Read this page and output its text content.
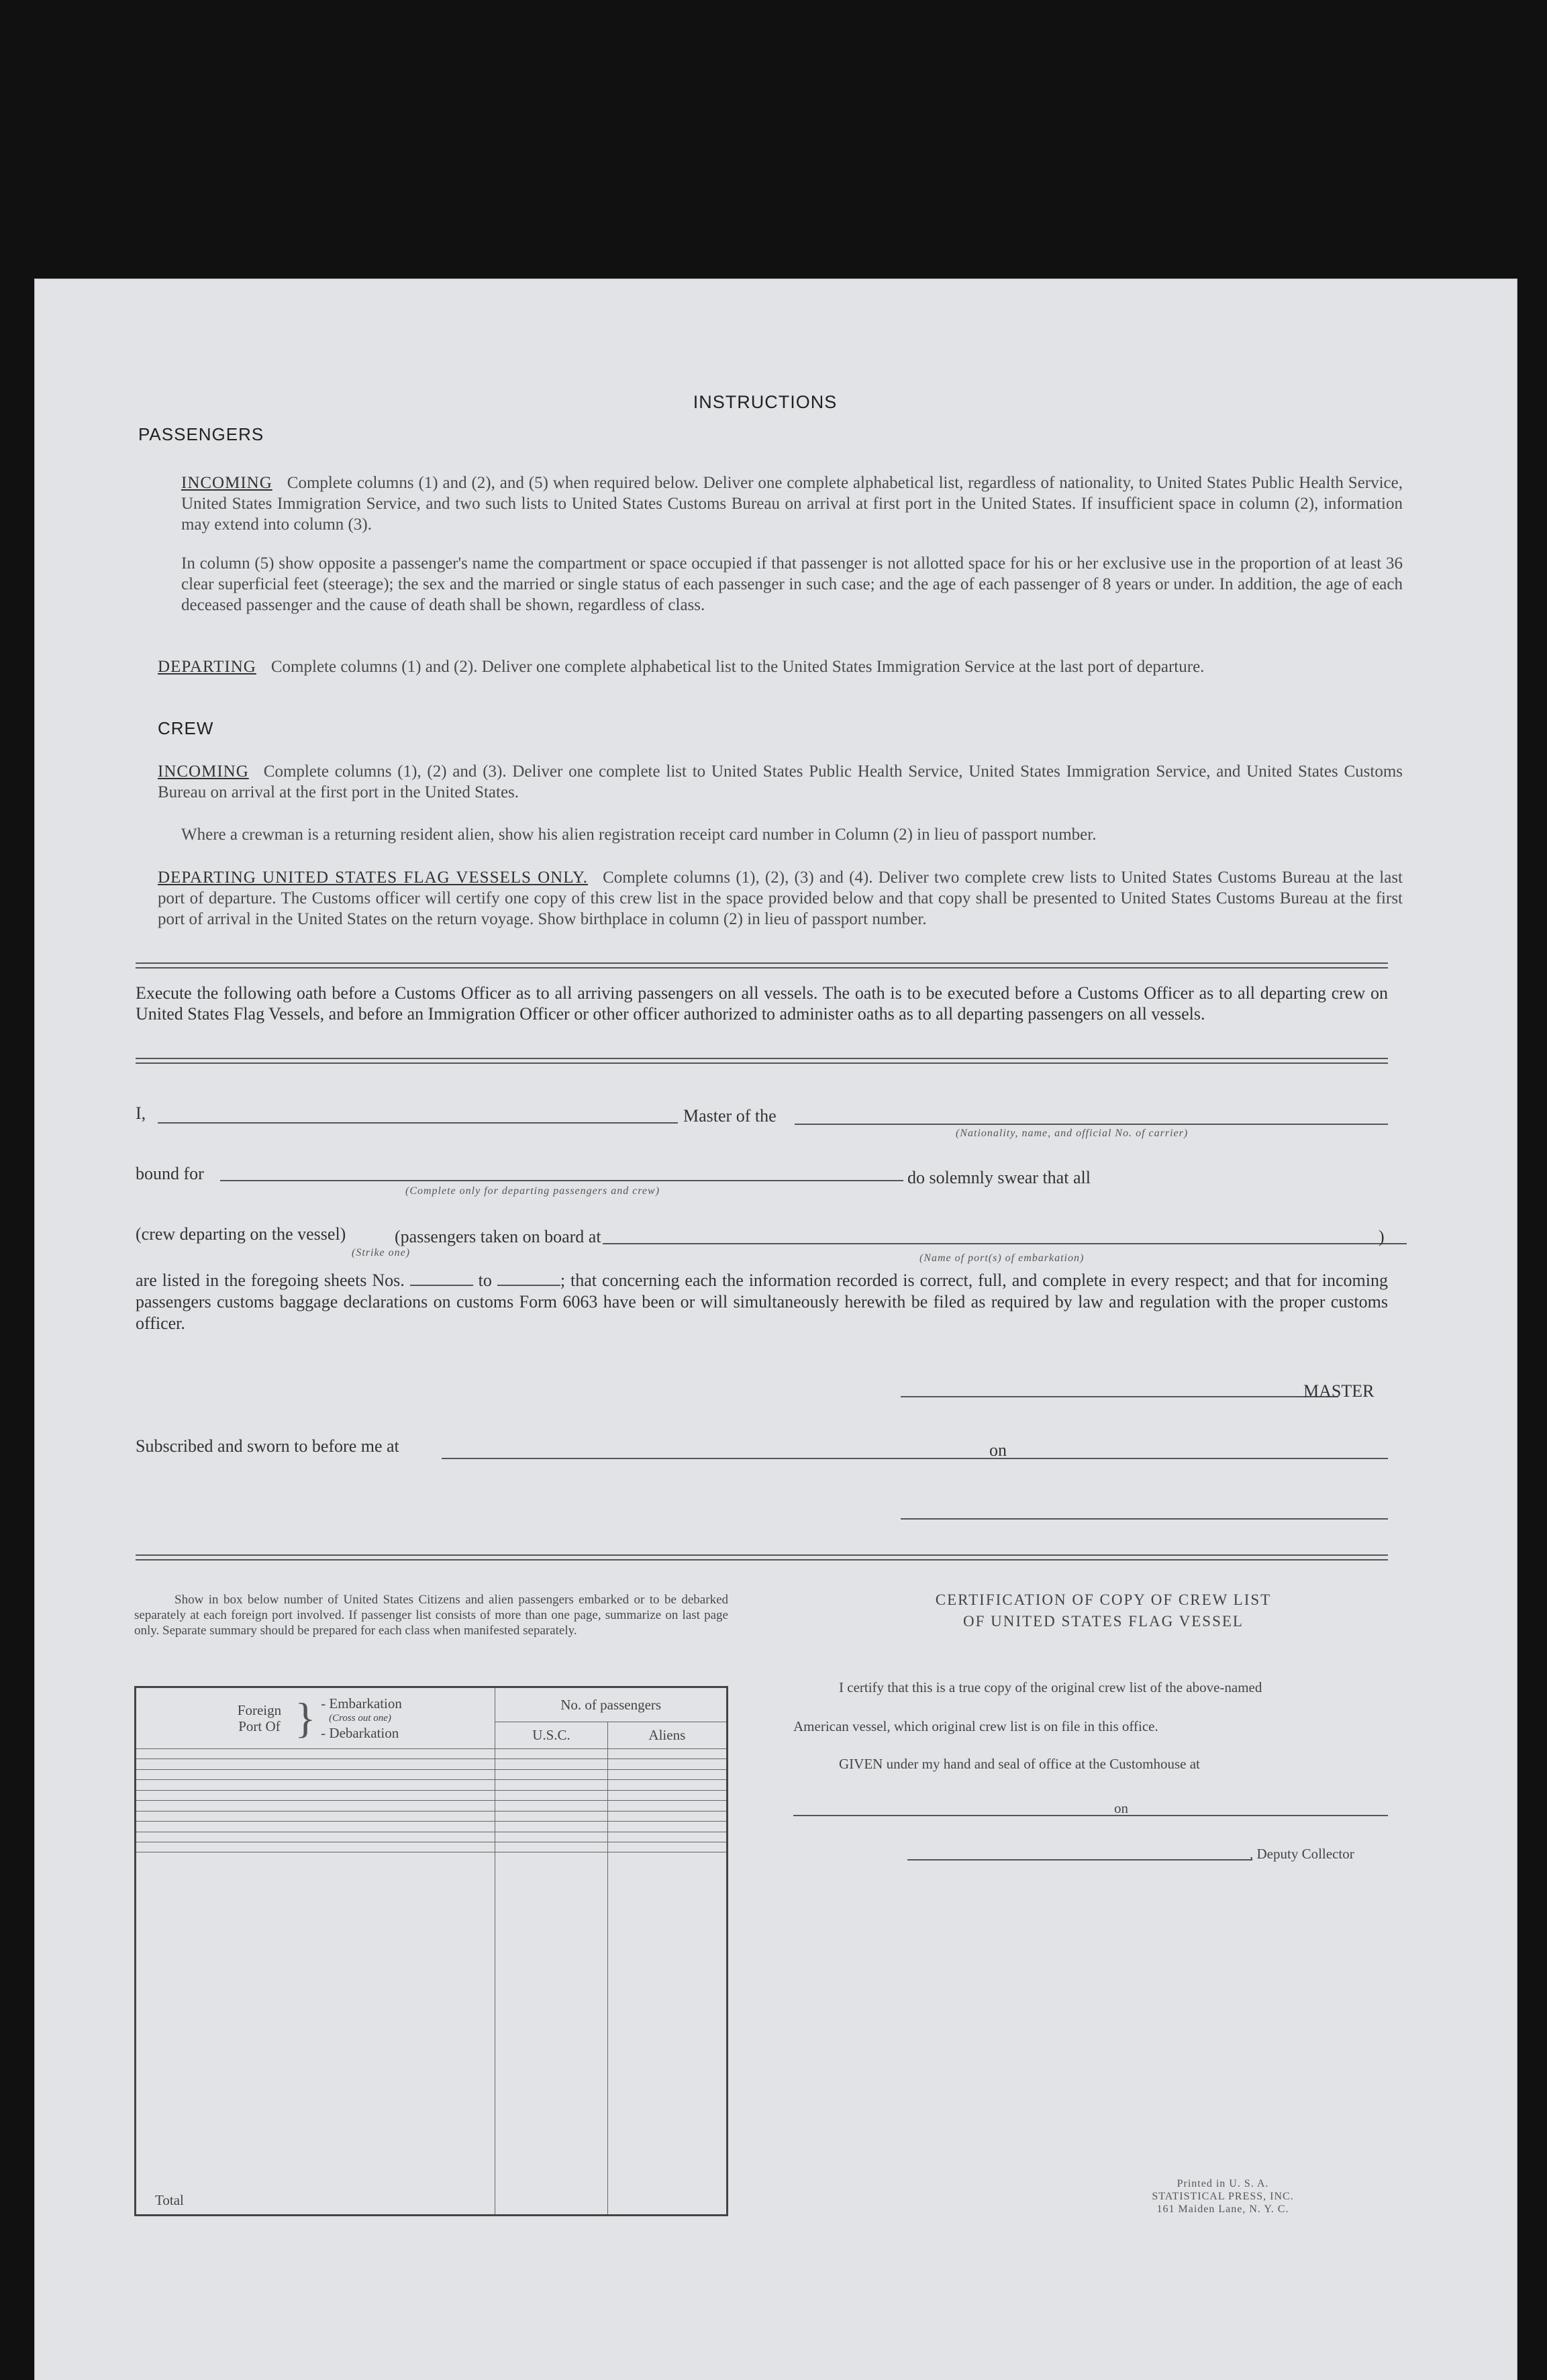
INSTRUCTIONS
PASSENGERS
INCOMING Complete columns (1) and (2), and (5) when required below. Deliver one complete alphabetical list, regardless of nationality, to United States Public Health Service, United States Immigration Service, and two such lists to United States Customs Bureau on arrival at first port in the United States. If insufficient space in column (2), information may extend into column (3).
In column (5) show opposite a passenger's name the compartment or space occupied if that passenger is not allotted space for his or her exclusive use in the proportion of at least 36 clear superficial feet (steerage); the sex and the married or single status of each passenger in such case; and the age of each passenger of 8 years or under. In addition, the age of each deceased passenger and the cause of death shall be shown, regardless of class.
DEPARTING Complete columns (1) and (2). Deliver one complete alphabetical list to the United States Immigration Service at the last port of departure.
CREW
INCOMING Complete columns (1), (2) and (3). Deliver one complete list to United States Public Health Service, United States Immigration Service, and United States Customs Bureau on arrival at the first port in the United States.
Where a crewman is a returning resident alien, show his alien registration receipt card number in Column (2) in lieu of passport number.
DEPARTING UNITED STATES FLAG VESSELS ONLY. Complete columns (1), (2), (3) and (4). Deliver two complete crew lists to United States Customs Bureau at the last port of departure. The Customs officer will certify one copy of this crew list in the space provided below and that copy shall be presented to United States Customs Bureau at the first port of arrival in the United States on the return voyage. Show birthplace in column (2) in lieu of passport number.
Execute the following oath before a Customs Officer as to all arriving passengers on all vessels. The oath is to be executed before a Customs Officer as to all departing crew on United States Flag Vessels, and before an Immigration Officer or other officer authorized to administer oaths as to all departing passengers on all vessels.
I,	Master of the
(Nationality, name, and official No. of carrier)
bound for
(Complete only for departing passengers and crew)
do solemnly swear that all
(crew departing on the vessel)	(passengers taken on board at	)
(Strike one)	(Name of port(s) of embarkation)
are listed in the foregoing sheets Nos.	to	; that concerning each the information recorded is correct, full, and complete in every respect; and that for incoming passengers customs baggage declarations on customs Form 6063 have been or will simultaneously herewith be filed as required by law and regulation with the proper customs officer.
MASTER
Subscribed and sworn to before me at	on
Show in box below number of United States Citizens and alien passengers embarked or to be debarked separately at each foreign port involved. If passenger list consists of more than one page, summarize on last page only. Separate summary should be prepared for each class when manifested separately.
Foreign Port Of } - Embarkation
(Cross out one)
- Debarkation	No. of passengers	
	U.S.C.	Aliens

Total		
CERTIFICATION OF COPY OF CREW LIST
OF UNITED STATES FLAG VESSEL
I certify that this is a true copy of the original crew list of the above-named
American vessel, which original crew list is on file in this office.
GIVEN under my hand and seal of office at the Customhouse at
on
, Deputy Collector
Printed in U. S. A.
STATISTICAL PRESS, INC.
161 Maiden Lane, N. Y. C.
